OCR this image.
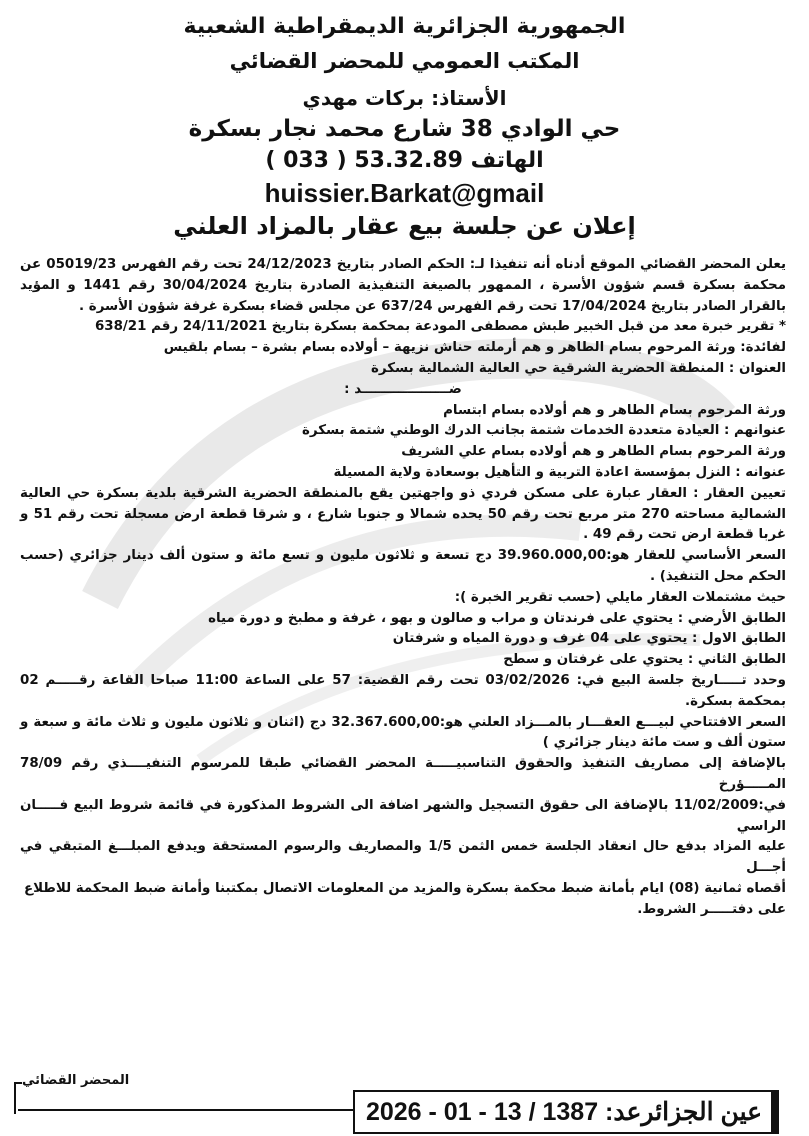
الجمهورية الجزائرية الديمقراطية الشعبية
المكتب العمومي للمحضر القضائي
الأستاذ: بركات مهدي
حي الوادي 38 شارع محمد نجار بسكرة
الهاتف 53.32.89 ( 033 )
huissier.Barkat@gmail
إعلان عن جلسة بيع عقار بالمزاد العلني

يعلن المحضر القضائي الموقع أدناه أنه تنفيذا لـ: الحكم الصادر بتاريخ 24/12/2023 تحت رقم الفهرس 05019/23 عن محكمة بسكرة قسم شؤون الأسرة ، الممهور بالصيغة التنفيذية الصادرة بتاريخ 30/04/2024 رقم 1441 و المؤيد بالقرار الصادر بتاريخ 17/04/2024 تحت رقم الفهرس 637/24 عن مجلس قضاء بسكرة غرفة شؤون الأسرة .

* تقرير خبرة معد من قبل الخبير طبش مصطفى المودعة بمحكمة بسكرة بتاريخ 24/11/2021 رقم 638/21

لفائدة: ورثة المرحوم بسام الطاهر و هم أرملته حناش نزيهة – أولاده بسام بشرة – بسام بلقيس

العنوان : المنطقة الحضرية الشرقية حي العالية الشمالية بسكرة

ضـــــــــــــــــــد :

ورثة المرحوم بسام الطاهر و هم أولاده بسام ابتسام

عنوانهم : العيادة متعددة الخدمات شتمة بجانب الدرك الوطني شتمة بسكرة

ورثة المرحوم بسام الطاهر و هم أولاده بسام علي الشريف

عنوانه : النزل بمؤسسة اعادة التربية و التأهيل بوسعادة ولاية المسيلة

تعيين العقار : العقار عبارة على مسكن فردي ذو واجهتين يقع بالمنطقة الحضرية الشرقية بلدية بسكرة حي العالية الشمالية مساحته 270 متر مربع تحت رقم 50 يحده شمالا و جنوبا شارع ، و شرقا قطعة ارض مسجلة تحت رقم 51 و غربا قطعة ارض تحت رقم 49 .

السعر الأساسي للعقار هو:39.960.000,00 دج تسعة و ثلاثون مليون و تسع مائة و ستون ألف دينار جزائري (حسب الحكم محل التنفيذ) .

حيث مشتملات العقار مايلي (حسب تقرير الخبرة ):

الطابق الأرضي : يحتوي على فرندتان و مراب و صالون و بهو ، غرفة و مطبخ و دورة مياه

الطابق الاول : يحتوي على 04 غرف و دورة المياه و شرفتان

الطابق الثاني : يحتوي على غرفتان و سطح

وحدد تـــــاريخ جلسة البيع في: 03/02/2026 تحت رقم القضية: 57 على الساعة 11:00 صباحا القاعة رقـــــم 02 بمحكمة بسكرة.

السعر الافتتاحي لبيـــع العقـــار بالمـــزاد العلني هو:32.367.600,00 دج (اثنان و ثلاثون مليون و ثلاث مائة و سبعة و ستون ألف و ست مائة دينار جزائري )

بالإضافة إلى مصاريف التنفيذ والحقوق التناسبيـــــة المحضر القضائي طبقا للمرسوم التنفيــــذي رقم 78/09 المـــــؤرخ

في:11/02/2009 بالإضافة الى حقوق التسجيل والشهر اضافة الى الشروط المذكورة في قائمة شروط البيع فـــــان الراسي

عليه المزاد بدفع حال انعقاد الجلسة خمس الثمن 1/5 والمصاريف والرسوم المستحقة ويدفع المبلـــغ المتبقي في أجـــل

أقصاه ثمانية (08) ايام بأمانة ضبط محكمة بسكرة والمزيد من المعلومات الاتصال بمكتبنا وأمانة ضبط المحكمة للاطلاع

على دفتـــــر الشروط.

المحضر القضائي
عين الجزائرعد: 1387 / 13 - 01 - 2026
